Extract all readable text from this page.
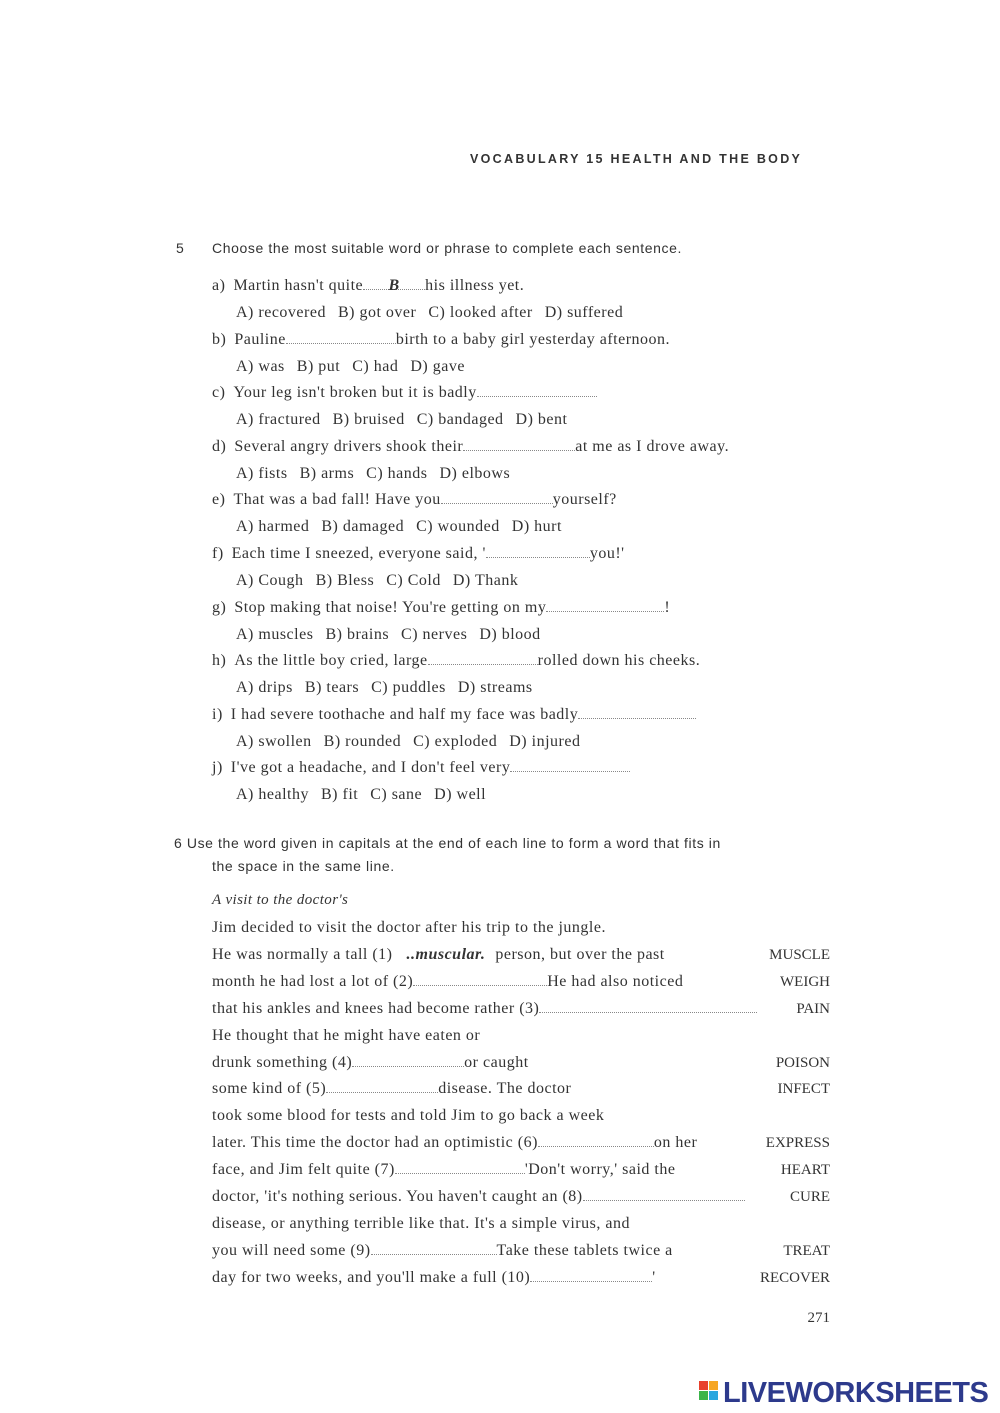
VOCABULARY 15 HEALTH AND THE BODY
5 Choose the most suitable word or phrase to complete each sentence.
a) Martin hasn't quite B his illness yet.
A) recovered B) got over C) looked after D) suffered
b) Pauline	birth to a baby girl yesterday afternoon.
A) was B) put C) had D) gave
c) Your leg isn't broken but it is badly
A) fractured B) bruised C) bandaged D) bent
d) Several angry drivers shook their	at me as I drove away.
A) fists B) arms C) hands D) elbows
e) That was a bad fall! Have you	yourself?
A) harmed B) damaged C) wounded D) hurt
f) Each time I sneezed, everyone said, '	you!'
A) Cough B) Bless C) Cold D) Thank
g) Stop making that noise! You're getting on my	!
A) muscles B) brains C) nerves D) blood
h) As the little boy cried, large	rolled down his cheeks.
A) drips B) tears C) puddles D) streams
i) I had severe toothache and half my face was badly
A) swollen B) rounded C) exploded D) injured
j) I've got a headache, and I don't feel very
A) healthy B) fit C) sane D) well
6 Use the word given in capitals at the end of each line to form a word that fits in
the space in the same line.
A visit to the doctor's
Jim decided to visit the doctor after his trip to the jungle.
He was normally a tall (1) ..muscular. person, but over the past	MUSCLE
month he had lost a lot of (2)	He had also noticed	WEIGH
that his ankles and knees had become rather (3)	PAIN
He thought that he might have eaten or
drunk something (4)	or caught	POISON
some kind of (5)	disease. The doctor	INFECT
took some blood for tests and told Jim to go back a week
later. This time the doctor had an optimistic (6)	on her	EXPRESS
face, and Jim felt quite (7)	'Don't worry,' said the	HEART
doctor, 'it's nothing serious. You haven't caught an (8)	CURE
disease, or anything terrible like that. It's a simple virus, and
you will need some (9)	Take these tablets twice a	TREAT
day for two weeks, and you'll make a full (10)	'	RECOVER
271
LIVEWORKSHEETS
